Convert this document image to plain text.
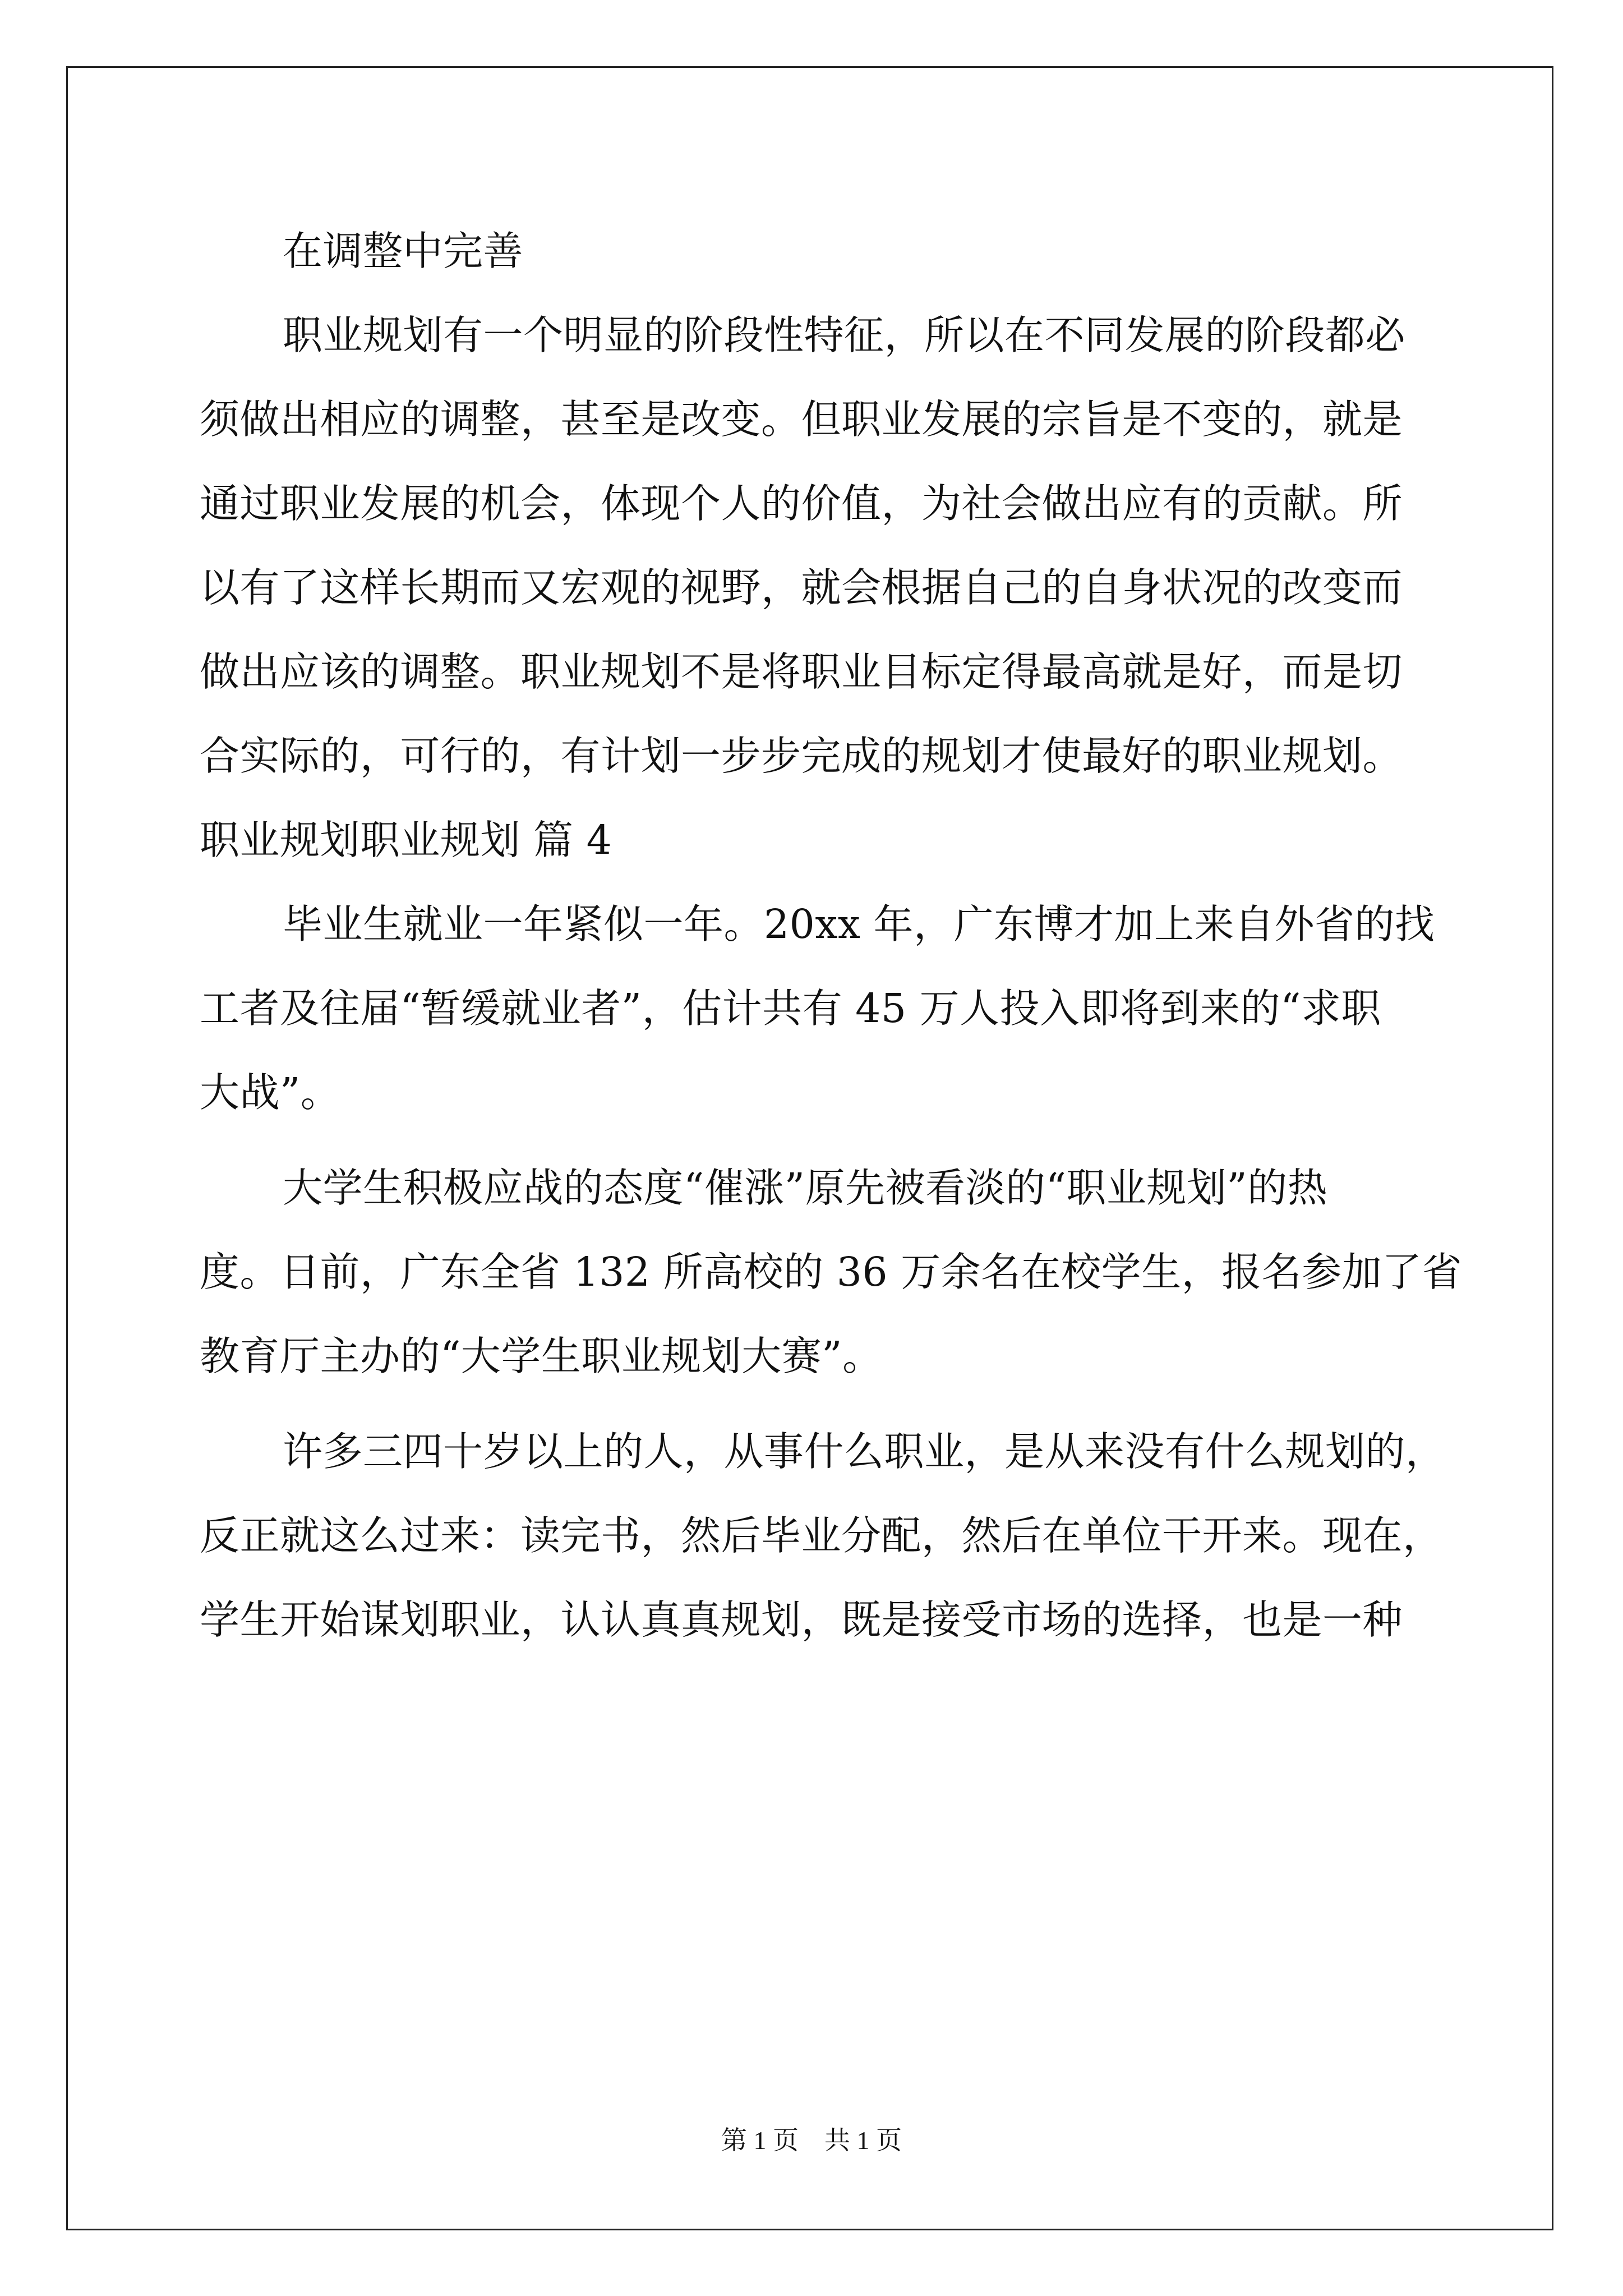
在调整中完善
职业规划有一个明显的阶段性特征，所以在不同发展的阶段都必
须做出相应的调整，甚至是改变。但职业发展的宗旨是不变的，就是
通过职业发展的机会，体现个人的价值，为社会做出应有的贡献。所
以有了这样长期而又宏观的视野，就会根据自己的自身状况的改变而
做出应该的调整。职业规划不是将职业目标定得最高就是好，而是切
合实际的，可行的，有计划一步步完成的规划才使最好的职业规划。
职业规划职业规划 篇 4
毕业生就业一年紧似一年。20xx 年，广东博才加上来自外省的找
工者及往届“暂缓就业者”，估计共有 45 万人投入即将到来的“求职
大战”。
大学生积极应战的态度“催涨”原先被看淡的“职业规划”的热
度。日前，广东全省 132 所高校的 36 万余名在校学生，报名参加了省
教育厅主办的“大学生职业规划大赛”。
许多三四十岁以上的人，从事什么职业，是从来没有什么规划的，
反正就这么过来：读完书，然后毕业分配，然后在单位干开来。现在，
学生开始谋划职业，认认真真规划，既是接受市场的选择，也是一种
第 1 页　共 1 页
